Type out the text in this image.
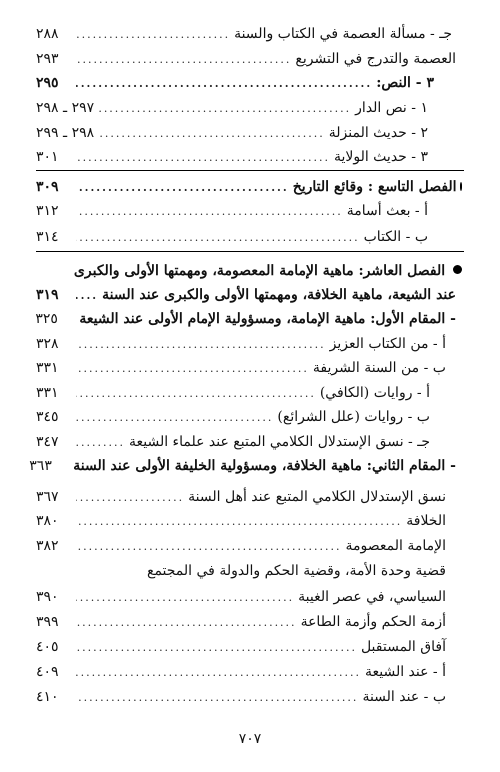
جـ - مسألة العصمة في الكتاب والسنة
.....
٢٨٨
العصمة والتدرج في التشريع
.....
٢٩٣
٣ - النص:
.....
٢٩٥
١ - نص الدار
.....
٢٩٧ ـ ٢٩٨
٢ - حديث المنزلة
.....
٢٩٨ ـ ٢٩٩
٣ - حديث الولاية
.....
٣٠١
الفصل التاسع : وقائع التاريخ
.....
٣٠٩
أ - بعث أسامة
.....
٣١٢
ب - الكتاب
.....
٣١٤
الفصل العاشر: ماهية الإمامة المعصومة، ومهمتها الأولى والكبرى
عند الشيعة، ماهية الخلافة، ومهمتها الأولى والكبرى عند السنة
.....
٣١٩
- المقام الأول: ماهية الإمامة، ومسؤولية الإمام الأولى عند الشيعة
٣٢٥
أ - من الكتاب العزيز
.....
٣٢٨
ب - من السنة الشريفة
.....
٣٣١
أ - روايات (الكافي)
.....
٣٣١
ب - روايات (علل الشرائع)
.....
٣٤٥
جـ - نسق الإستدلال الكلامي المتبع عند علماء الشيعة
.....
٣٤٧
- المقام الثاني: ماهية الخلافة، ومسؤولية الخليفة الأولى عند السنة
٣٦٣
نسق الإستدلال الكلامي المتبع عند أهل السنة
.....
٣٦٧
الخلافة
.....
٣٨٠
الإمامة المعصومة
.....
٣٨٢
قضية وحدة الأمة، وقضية الحكم والدولة في المجتمع
السياسي، في عصر الغيبة
.....
٣٩٠
أزمة الحكم وأزمة الطاعة
.....
٣٩٩
آفاق المستقبل
.....
٤٠٥
أ - عند الشيعة
.....
٤٠٩
ب - عند السنة
.....
٤١٠
٧٠٧
